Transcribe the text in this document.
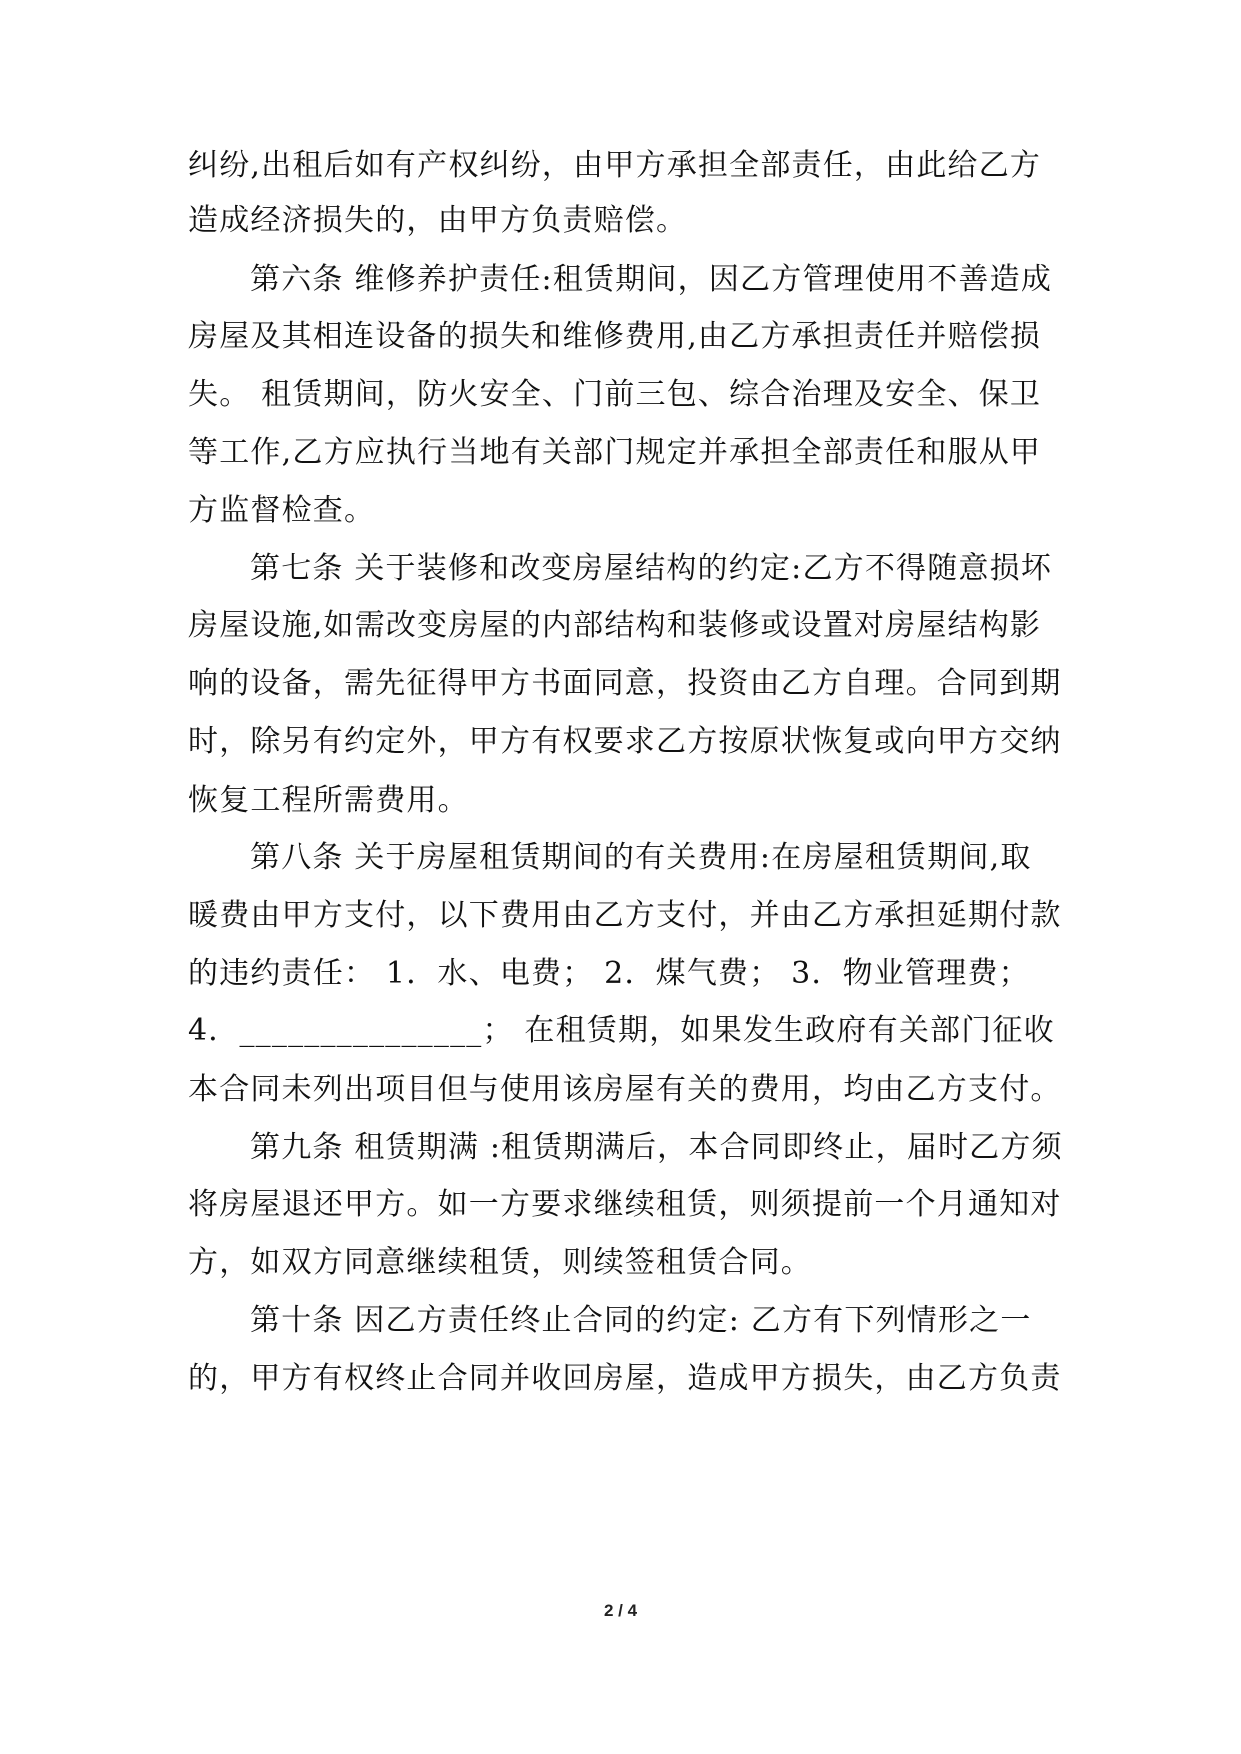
纠纷,出租后如有产权纠纷，由甲方承担全部责任，由此给乙方
造成经济损失的，由甲方负责赔偿。
第六条 维修养护责任:租赁期间，因乙方管理使用不善造成
房屋及其相连设备的损失和维修费用,由乙方承担责任并赔偿损
失。 租赁期间，防火安全、门前三包、综合治理及安全、保卫
等工作,乙方应执行当地有关部门规定并承担全部责任和服从甲
方监督检查。
第七条 关于装修和改变房屋结构的约定:乙方不得随意损坏
房屋设施,如需改变房屋的内部结构和装修或设置对房屋结构影
响的设备，需先征得甲方书面同意，投资由乙方自理。合同到期
时，除另有约定外，甲方有权要求乙方按原状恢复或向甲方交纳
恢复工程所需费用。
第八条 关于房屋租赁期间的有关费用:在房屋租赁期间,取
暖费由甲方支付，以下费用由乙方支付，并由乙方承担延期付款
的违约责任： 1．水、电费； 2．煤气费； 3．物业管理费；
4．_______________； 在租赁期，如果发生政府有关部门征收
本合同未列出项目但与使用该房屋有关的费用，均由乙方支付。
第九条 租赁期满 :租赁期满后，本合同即终止，届时乙方须
将房屋退还甲方。如一方要求继续租赁，则须提前一个月通知对
方，如双方同意继续租赁，则续签租赁合同。
第十条 因乙方责任终止合同的约定: 乙方有下列情形之一
的，甲方有权终止合同并收回房屋，造成甲方损失，由乙方负责
2 / 4
